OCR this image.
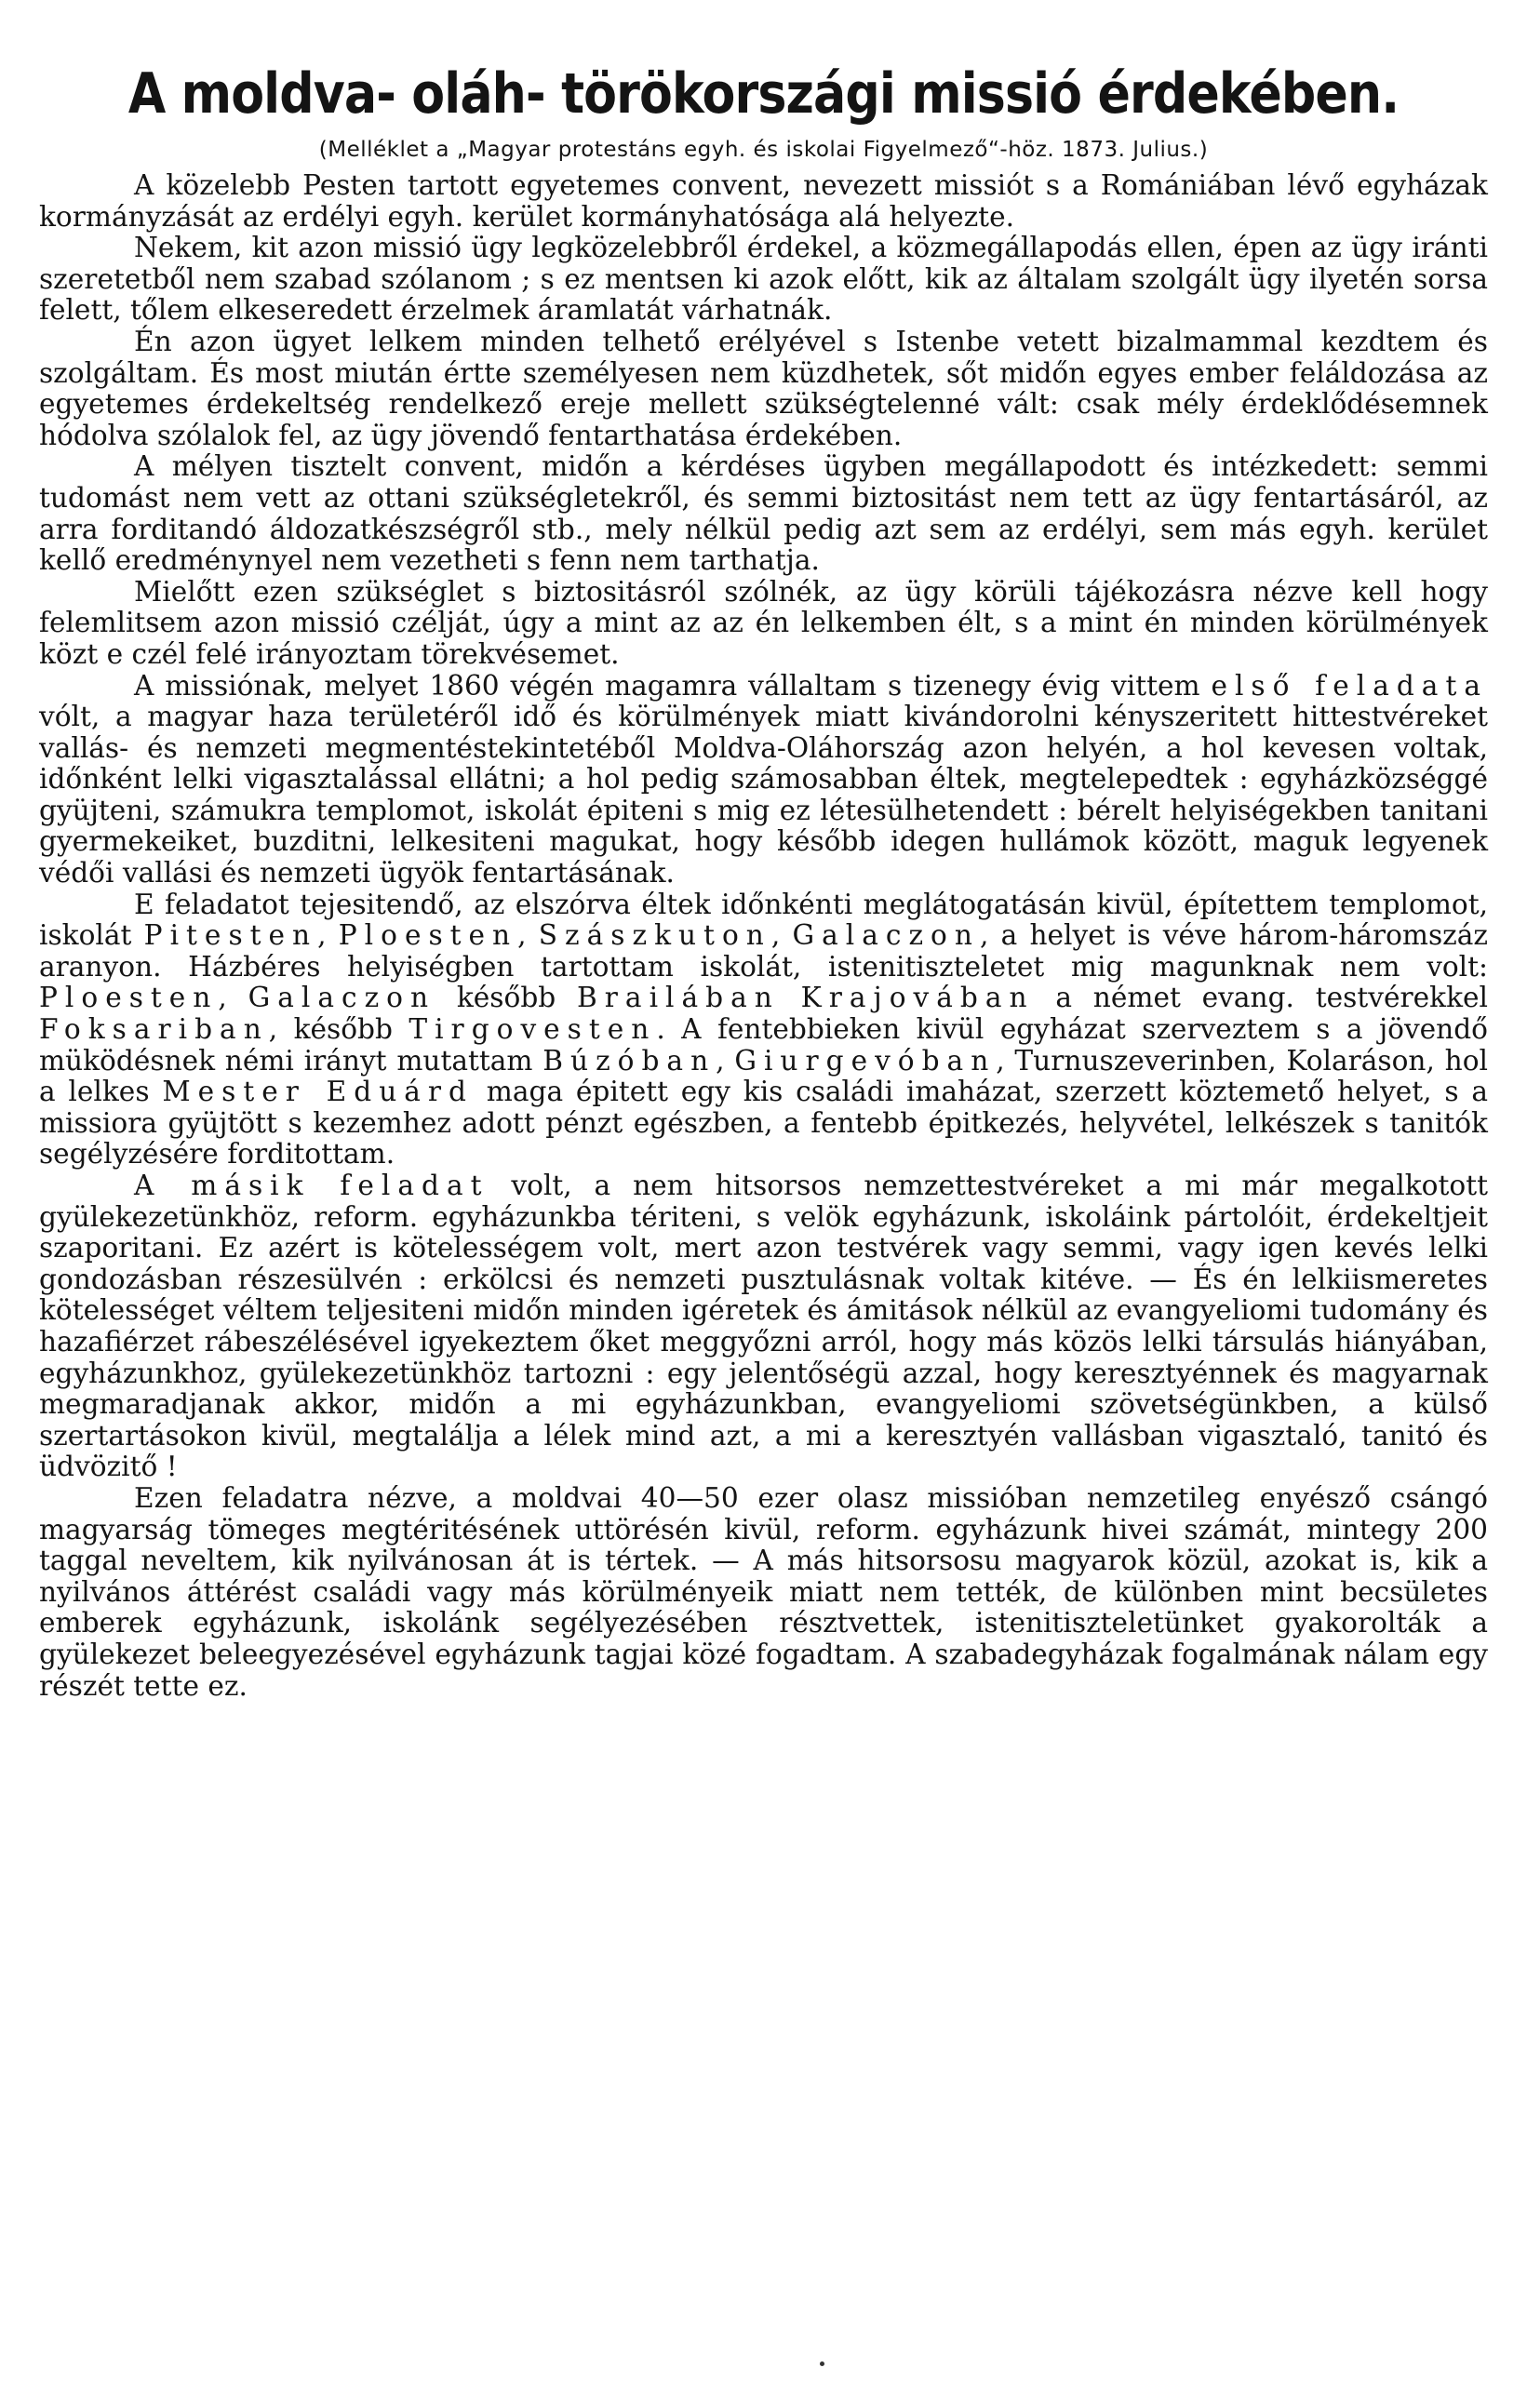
A moldva- oláh- törökországi missió érdekében.
(Melléklet a „Magyar protestáns egyh. és iskolai Figyelmező“-höz. 1873. Julius.)

A közelebb Pesten tartott egyetemes convent, nevezett missiót s a Romániában lévő egyházak kormányzását az erdélyi egyh. kerület kormányhatósága alá helyezte.

Nekem, kit azon missió ügy legközelebbről érdekel, a közmegállapodás ellen, épen az ügy iránti szeretetből nem szabad szólanom ; s ez mentsen ki azok előtt, kik az általam szolgált ügy ilyetén sorsa felett, tőlem elkeseredett érzelmek áramlatát várhatnák.

Én azon ügyet lelkem minden telhető erélyével s Istenbe vetett bizalmammal kezdtem és szolgáltam. És most miután értte személyesen nem küzdhetek, sőt midőn egyes ember feláldozása az egyetemes érdekeltség rendelkező ereje mellett szükségtelenné vált: csak mély érdeklődésemnek hódolva szólalok fel, az ügy jövendő fentarthatása érdekében.

A mélyen tisztelt convent, midőn a kérdéses ügyben megállapodott és intézkedett: semmi tudomást nem vett az ottani szükségletekről, és semmi biztositást nem tett az ügy fentartásáról, az arra forditandó áldozatkészségről stb., mely nélkül pedig azt sem az erdélyi, sem más egyh. kerület kellő eredménynyel nem vezetheti s fenn nem tarthatja.

Mielőtt ezen szükséglet s biztositásról szólnék, az ügy körüli tájékozásra nézve kell hogy felemlitsem azon missió czélját, úgy a mint az az én lelkemben élt, s a mint én minden körülmények közt e czél felé irányoztam törekvésemet.

A missiónak, melyet 1860 végén magamra vállaltam s tizenegy évig vittem első feladata vólt, a magyar haza területéről idő és körülmények miatt kivándorolni kényszeritett hittestvéreket vallás- és nemzeti megmentéstekintetéből Moldva-Oláhország azon helyén, a hol kevesen voltak, időnként lelki vigasztalással ellátni; a hol pedig számosabban éltek, megtelepedtek : egyházközséggé gyüjteni, számukra templomot, iskolát épiteni s mig ez létesülhetendett : bérelt helyiségekben tanitani gyermekeiket, buzditni, lelkesiteni magukat, hogy később idegen hullámok között, maguk legyenek védői vallási és nemzeti ügyök fentartásának.

E feladatot tejesitendő, az elszórva éltek időnkénti meglátogatásán kivül, építettem templomot, iskolát Pitesten, Ploesten, Szászkuton, Galaczon, a helyet is véve három-háromszáz aranyon. Házbéres helyiségben tartottam iskolát, istenitiszteletet mig magunknak nem volt: Ploesten, Galaczon később Brailában Krajovában a német evang. testvérekkel Foksariban, később Tirgovesten. A fentebbieken kivül egyházat szerveztem s a jövendő müködésnek némi irányt mutattam Búzóban, Giurgevóban, Turnuszeverinben, Kolaráson, hol a lelkes Mester Eduárd maga épitett egy kis családi imaházat, szerzett köztemető helyet, s a missiora gyüjtött s kezemhez adott pénzt egészben, a fentebb épitkezés, helyvétel, lelkészek s tanitók segélyzésére forditottam.

A másik feladat volt, a nem hitsorsos nemzettestvéreket a mi már megalkotott gyülekezetünkhöz, reform. egyházunkba tériteni, s velök egyházunk, iskoláink pártolóit, érdekeltjeit szaporitani. Ez azért is kötelességem volt, mert azon testvérek vagy semmi, vagy igen kevés lelki gondozásban részesülvén : erkölcsi és nemzeti pusztulásnak voltak kitéve. — És én lelkiismeretes kötelességet véltem teljesiteni midőn minden igéretek és ámitások nélkül az evangyeliomi tudomány és hazafiérzet rábeszélésével igyekeztem őket meggyőzni arról, hogy más közös lelki társulás hiányában, egyházunkhoz, gyülekezetünkhöz tartozni : egy jelentőségü azzal, hogy keresztyénnek és magyarnak megmaradjanak akkor, midőn a mi egyházunkban, evangyeliomi szövetségünkben, a külső szertartásokon kivül, megtalálja a lélek mind azt, a mi a keresztyén vallásban vigasztaló, tanitó és üdvözitő !

Ezen feladatra nézve, a moldvai 40—50 ezer olasz missióban nemzetileg enyésző csángó magyarság tömeges megtéritésének uttörésén kivül, reform. egyházunk hivei számát, mintegy 200 taggal neveltem, kik nyilvánosan át is tértek. — A más hitsorsosu magyarok közül, azokat is, kik a nyilvános áttérést családi vagy más körülményeik miatt nem tették, de különben mint becsületes emberek egyházunk, iskolánk segélyezésében résztvettek, istenitiszteletünket gyakorolták a gyülekezet beleegyezésével egyházunk tagjai közé fogadtam. A szabadegyházak fogalmának nálam egy részét tette ez.
